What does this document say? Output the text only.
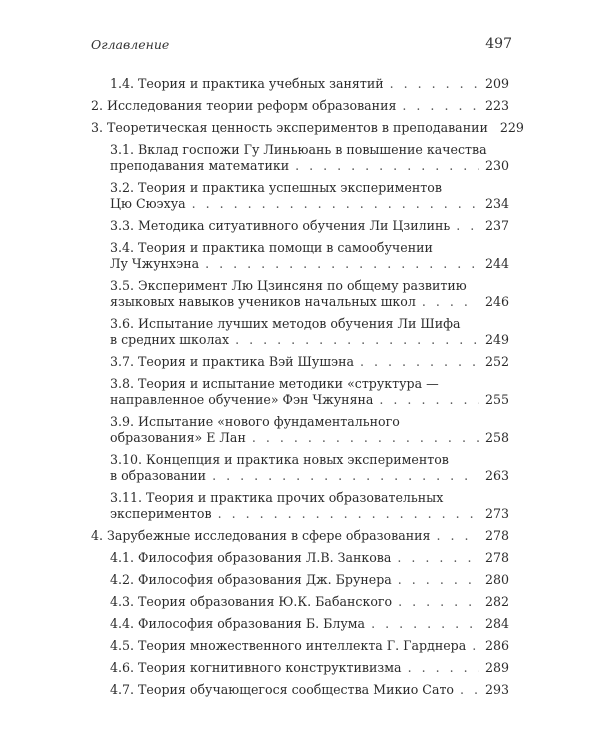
Оглавление	497
1.4. Теория и практика учебных занятий . . .	209
2. Исследования теории реформ образования . . .	223
3. Теоретическая ценность экспериментов в преподавании 229
3.1. Вклад госпожи Гу Линьюань в повышение качества
преподавания математики . . .	230
3.2. Теория и практика успешных экспериментов
Цю Сюэхуа . . .	234
3.3. Методика ситуативного обучения Ли Цзилинь . . .	237
3.4. Теория и практика помощи в самообучении
Лу Чжунхэна . . .	244
3.5. Эксперимент Лю Цзинсяня по общему развитию
языковых навыков учеников начальных школ . . .	246
3.6. Испытание лучших методов обучения Ли Шифа
в средних школах . . .	249
3.7. Теория и практика Вэй Шушэна . . .	252
3.8. Теория и испытание методики «структура —
направленное обучение» Фэн Чжуняна . . .	255
3.9. Испытание «нового фундаментального
образования» Е Лан . . .	258
3.10. Концепция и практика новых экспериментов
в образовании . . .	263
3.11. Теория и практика прочих образовательных
экспериментов . . .	273
4. Зарубежные исследования в сфере образования . . .	278
4.1. Философия образования Л.В. Занкова . . .	278
4.2. Философия образования Дж. Брунера . . .	280
4.3. Теория образования Ю.К. Бабанского . . .	282
4.4. Философия образования Б. Блума . . .	284
4.5. Теория множественного интеллекта Г. Гарднера . . . 286
4.6. Теория когнитивного конструктивизма . . .	289
4.7. Теория обучающегося сообщества Микио Сато . . . 293
